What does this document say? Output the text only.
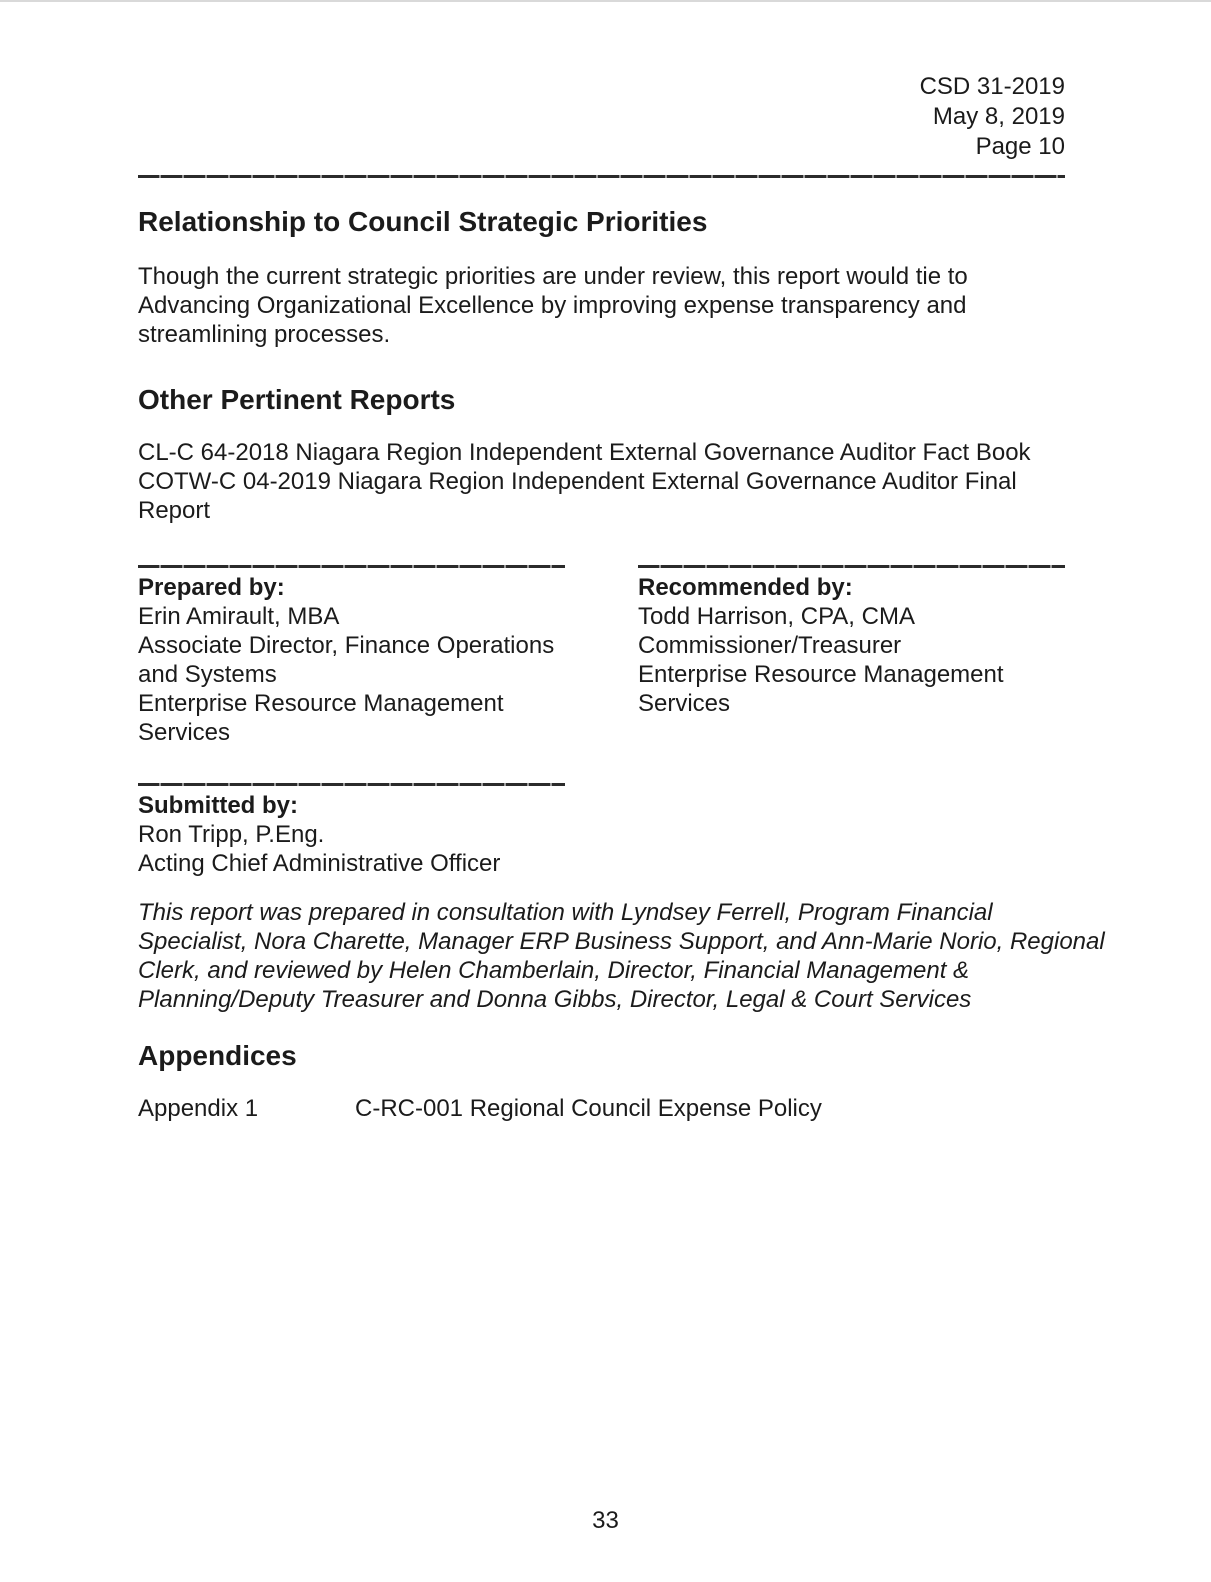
CSD 31-2019
May 8, 2019
Page 10
Relationship to Council Strategic Priorities

Though the current strategic priorities are under review, this report would tie to Advancing Organizational Excellence by improving expense transparency and streamlining processes.

Other Pertinent Reports

CL-C 64-2018 Niagara Region Independent External Governance Auditor Fact Book
COTW-C 04-2019 Niagara Region Independent External Governance Auditor Final Report

Prepared by:
Erin Amirault, MBA
Associate Director, Finance Operations and Systems
Enterprise Resource Management Services
Recommended by:
Todd Harrison, CPA, CMA
Commissioner/Treasurer
Enterprise Resource Management Services
Submitted by:
Ron Tripp, P.Eng.
Acting Chief Administrative Officer

This report was prepared in consultation with Lyndsey Ferrell, Program Financial Specialist, Nora Charette, Manager ERP Business Support, and Ann-Marie Norio, Regional Clerk, and reviewed by Helen Chamberlain, Director, Financial Management & Planning/Deputy Treasurer and Donna Gibbs, Director, Legal & Court Services

Appendices
Appendix 1	C-RC-001 Regional Council Expense Policy
33
